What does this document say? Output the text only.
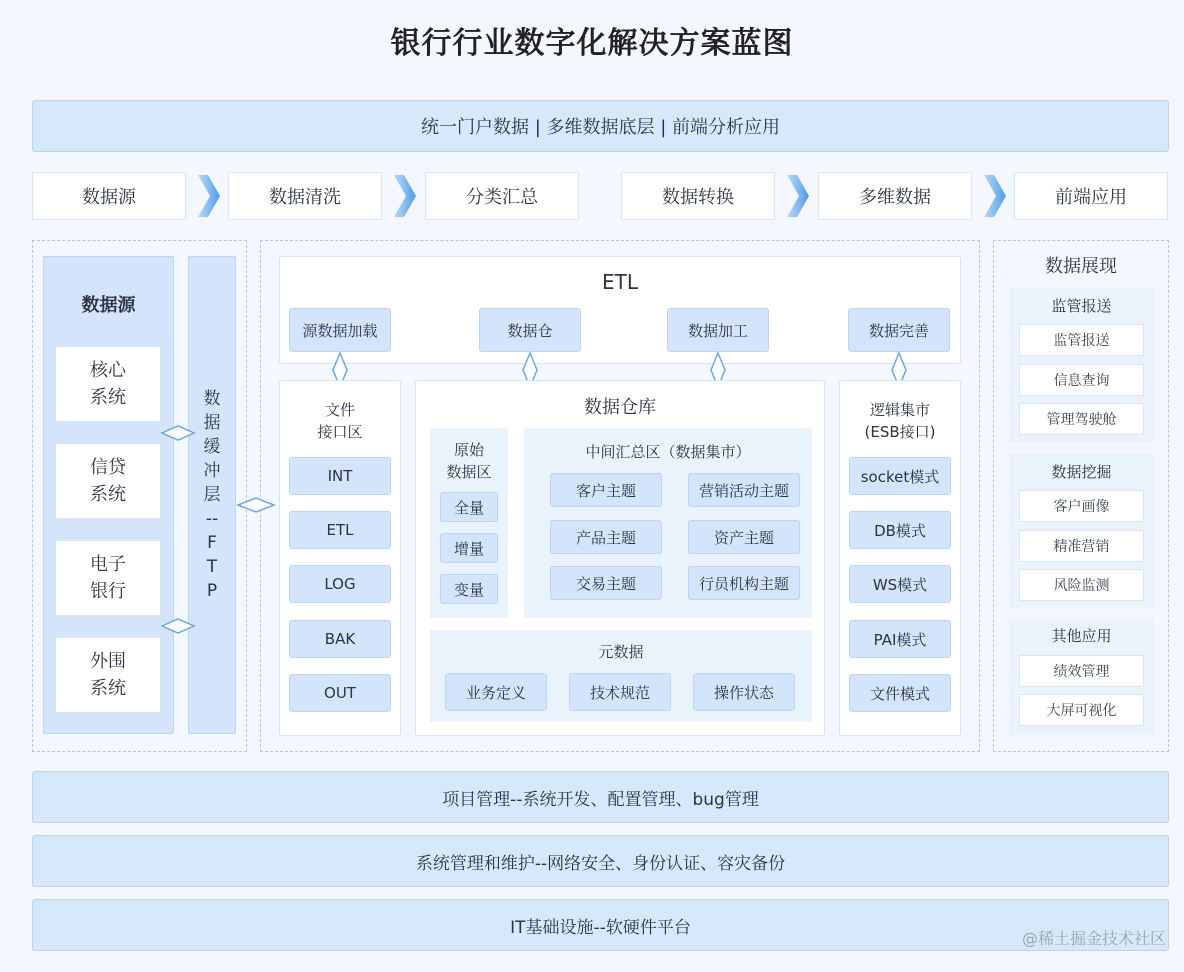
银行行业数字化解决方案蓝图
统一门户数据 | 多维数据底层 | 前端分析应用
数据源	数据清洗	分类汇总	数据转换	多维数据	前端应用
数据源
核心
系统
信贷
系统
电子
银行
外围
系统
数
据
缓
冲
层
--
F
T
P
ETL
源数据加载	数据仓	数据加工	数据完善
文件
接口区
INT
ETL
LOG
BAK
OUT
数据仓库
原始
数据区
全量
增量
变量
中间汇总区（数据集市）
客户主题	营销活动主题
产品主题	资产主题
交易主题	行员机构主题
元数据
业务定义	技术规范	操作状态
逻辑集市
(ESB接口)
socket模式
DB模式
WS模式
PAI模式
文件模式
数据展现
监管报送
监管报送
信息查询
管理驾驶舱
数据挖掘
客户画像
精准营销
风险监测
其他应用
绩效管理
大屏可视化
项目管理--系统开发、配置管理、bug管理
系统管理和维护--网络安全、身份认证、容灾备份
IT基础设施--软硬件平台
@稀土掘金技术社区
